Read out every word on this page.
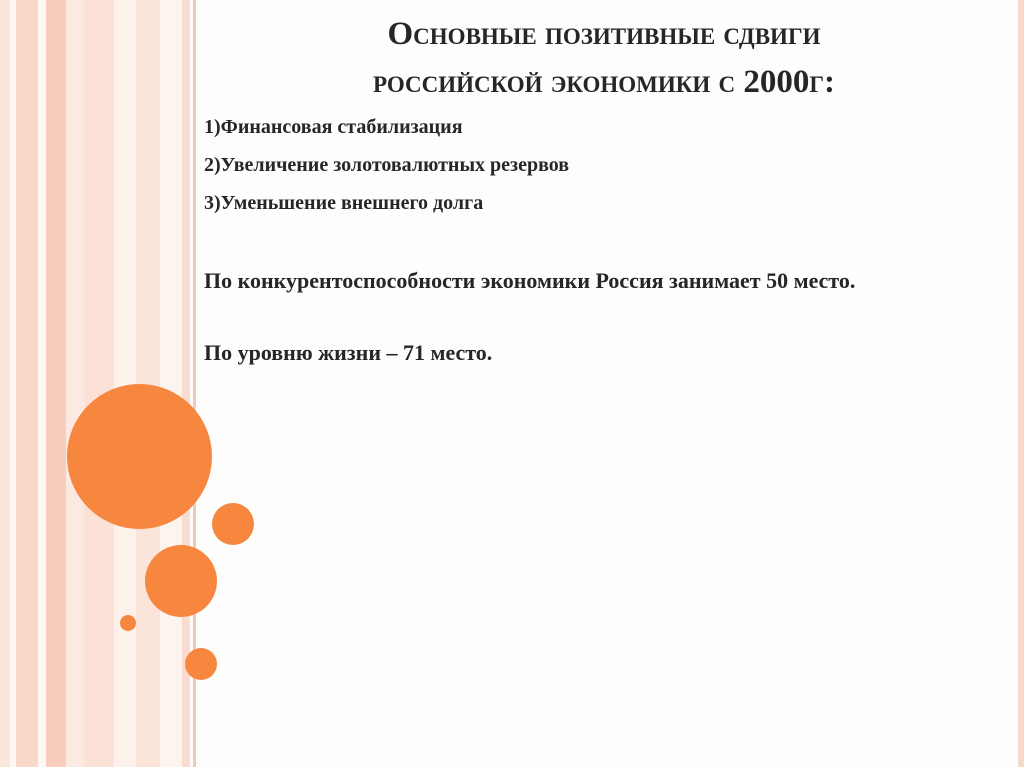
Основные позитивные сдвиги
российской экономики с 2000г:
1)Финансовая стабилизация
2)Увеличение золотовалютных резервов
3)Уменьшение внешнего долга
По конкурентоспособности экономики Россия занимает 50 место.
По уровню жизни – 71 место.
